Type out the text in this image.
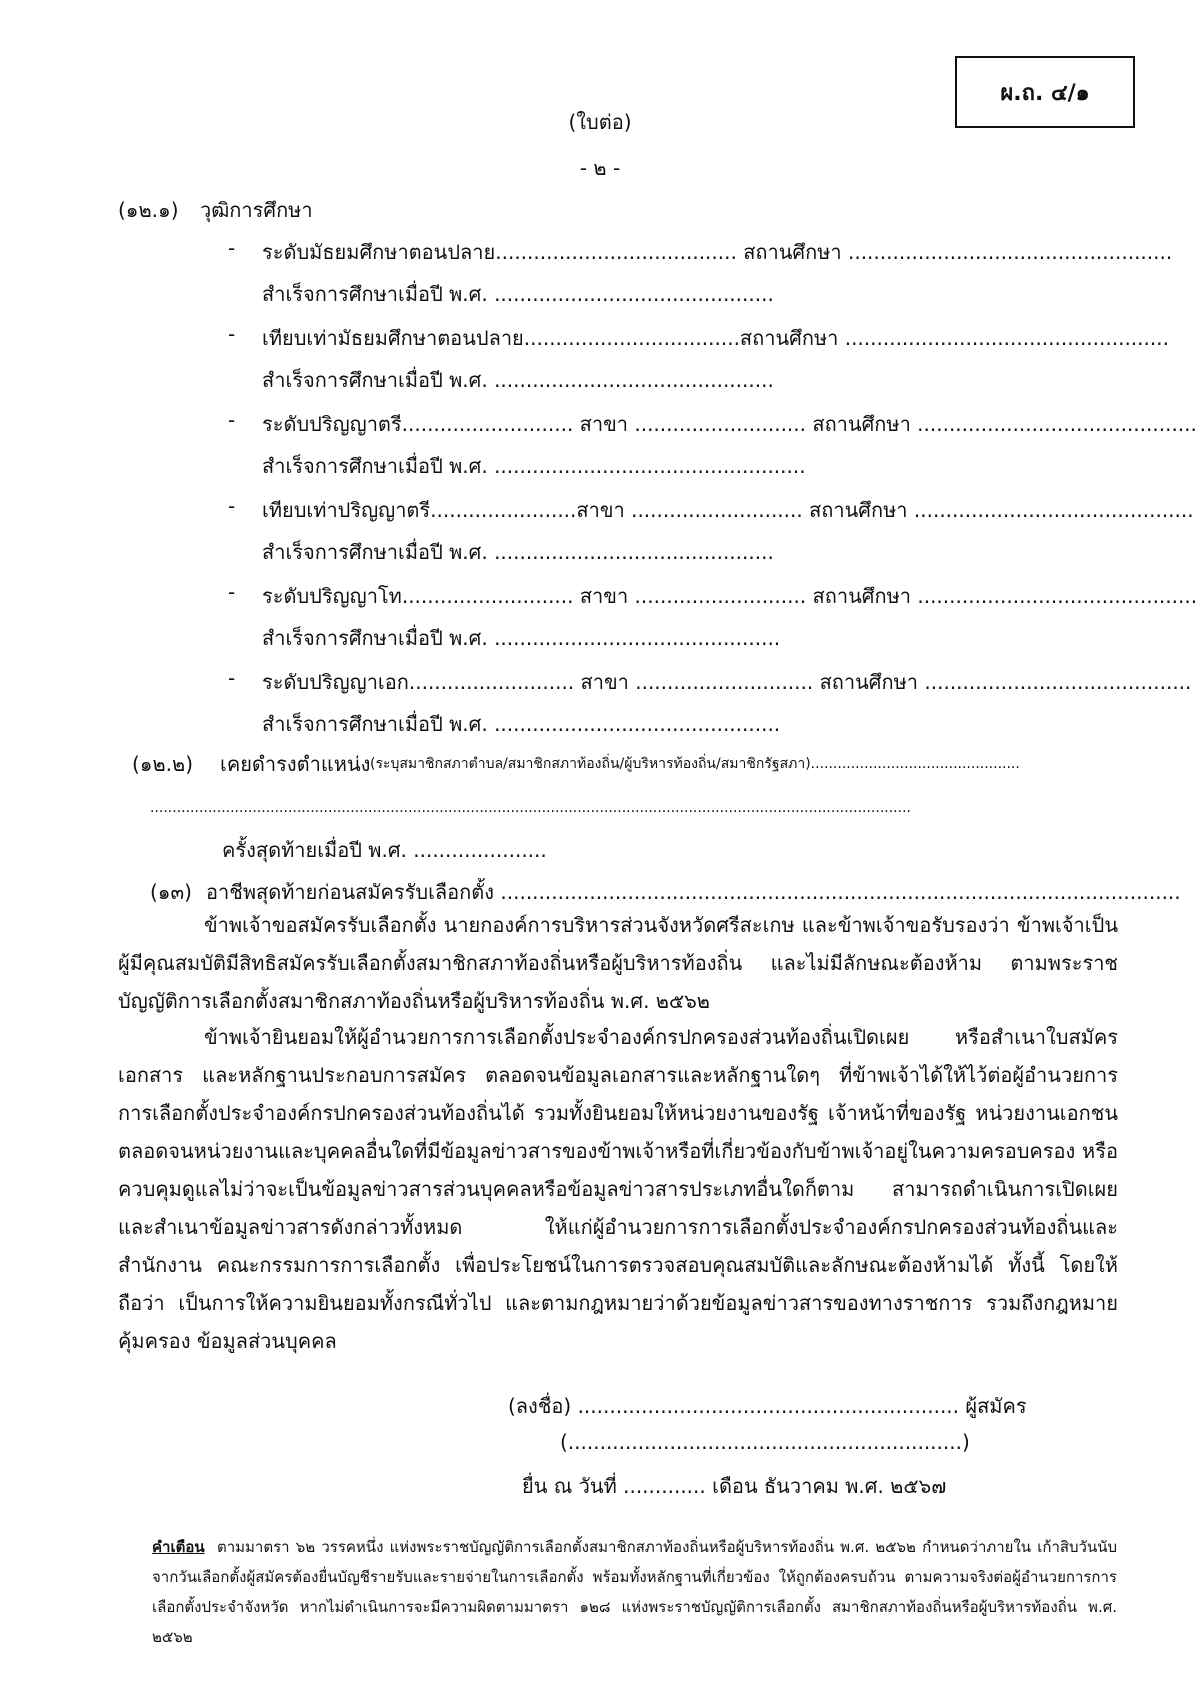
ผ.ถ. ๔/๑
(ใบต่อ)
- ๒ -
(๑๒.๑) วุฒิการศึกษา
- ระดับมัธยมศึกษาตอนปลาย...................................... สถานศึกษา ...................................................
สำเร็จการศึกษาเมื่อปี พ.ศ. ............................................
- เทียบเท่ามัธยมศึกษาตอนปลาย..................................สถานศึกษา ...................................................
สำเร็จการศึกษาเมื่อปี พ.ศ. ............................................
- ระดับปริญญาตรี........................... สาขา ........................... สถานศึกษา ............................................
สำเร็จการศึกษาเมื่อปี พ.ศ. .................................................
- เทียบเท่าปริญญาตรี.......................สาขา ........................... สถานศึกษา ............................................
สำเร็จการศึกษาเมื่อปี พ.ศ. ............................................
- ระดับปริญญาโท........................... สาขา ........................... สถานศึกษา ............................................
สำเร็จการศึกษาเมื่อปี พ.ศ. .............................................
- ระดับปริญญาเอก.......................... สาขา ............................ สถานศึกษา ..........................................
สำเร็จการศึกษาเมื่อปี พ.ศ. .............................................
(๑๒.๒) เคยดำรงตำแหน่ง (ระบุสมาชิกสภาตำบล/สมาชิกสภาท้องถิ่น/ผู้บริหารท้องถิ่น/สมาชิกรัฐสภา)...............................................
...........................................................................................................................................................................
ครั้งสุดท้ายเมื่อปี พ.ศ. .....................
(๑๓) อาชีพสุดท้ายก่อนสมัครรับเลือกตั้ง ...........................................................................................................
ข้าพเจ้าขอสมัครรับเลือกตั้ง นายกองค์การบริหารส่วนจังหวัดศรีสะเกษ และข้าพเจ้าขอรับรองว่า ข้าพเจ้าเป็นผู้มีคุณสมบัติมีสิทธิสมัครรับเลือกตั้งสมาชิกสภาท้องถิ่นหรือผู้บริหารท้องถิ่น และไม่มีลักษณะต้องห้าม ตามพระราชบัญญัติการเลือกตั้งสมาชิกสภาท้องถิ่นหรือผู้บริหารท้องถิ่น พ.ศ. ๒๕๖๒
ข้าพเจ้ายินยอมให้ผู้อำนวยการการเลือกตั้งประจำองค์กรปกครองส่วนท้องถิ่นเปิดเผย หรือสำเนาใบสมัครเอกสาร และหลักฐานประกอบการสมัคร ตลอดจนข้อมูลเอกสารและหลักฐานใดๆ ที่ข้าพเจ้าได้ให้ไว้ต่อผู้อำนวยการ การเลือกตั้งประจำองค์กรปกครองส่วนท้องถิ่นได้ รวมทั้งยินยอมให้หน่วยงานของรัฐ เจ้าหน้าที่ของรัฐ หน่วยงานเอกชน ตลอดจนหน่วยงานและบุคคลอื่นใดที่มีข้อมูลข่าวสารของข้าพเจ้าหรือที่เกี่ยวข้องกับข้าพเจ้าอยู่ในความครอบครอง หรือควบคุมดูแลไม่ว่าจะเป็นข้อมูลข่าวสารส่วนบุคคลหรือข้อมูลข่าวสารประเภทอื่นใดก็ตาม สามารถดำเนินการเปิดเผย และสำเนาข้อมูลข่าวสารดังกล่าวทั้งหมด ให้แก่ผู้อำนวยการการเลือกตั้งประจำองค์กรปกครองส่วนท้องถิ่นและสำนักงาน คณะกรรมการการเลือกตั้ง เพื่อประโยชน์ในการตรวจสอบคุณสมบัติและลักษณะต้องห้ามได้ ทั้งนี้ โดยให้ถือว่า เป็นการให้ความยินยอมทั้งกรณีทั่วไป และตามกฎหมายว่าด้วยข้อมูลข่าวสารของทางราชการ รวมถึงกฎหมายคุ้มครอง ข้อมูลส่วนบุคคล
(ลงชื่อ) ............................................................ ผู้สมัคร
(..............................................................)
ยื่น ณ วันที่ ............. เดือน ธันวาคม พ.ศ. ๒๕๖๗
คำเตือน ตามมาตรา ๖๒ วรรคหนึ่ง แห่งพระราชบัญญัติการเลือกตั้งสมาชิกสภาท้องถิ่นหรือผู้บริหารท้องถิ่น พ.ศ. ๒๕๖๒ กำหนดว่าภายใน เก้าสิบวันนับจากวันเลือกตั้งผู้สมัครต้องยื่นบัญชีรายรับและรายจ่ายในการเลือกตั้ง พร้อมทั้งหลักฐานที่เกี่ยวข้อง ให้ถูกต้องครบถ้วน ตามความจริงต่อผู้อำนวยการการเลือกตั้งประจำจังหวัด หากไม่ดำเนินการจะมีความผิดตามมาตรา ๑๒๘ แห่งพระราชบัญญัติการเลือกตั้ง สมาชิกสภาท้องถิ่นหรือผู้บริหารท้องถิ่น พ.ศ. ๒๕๖๒
